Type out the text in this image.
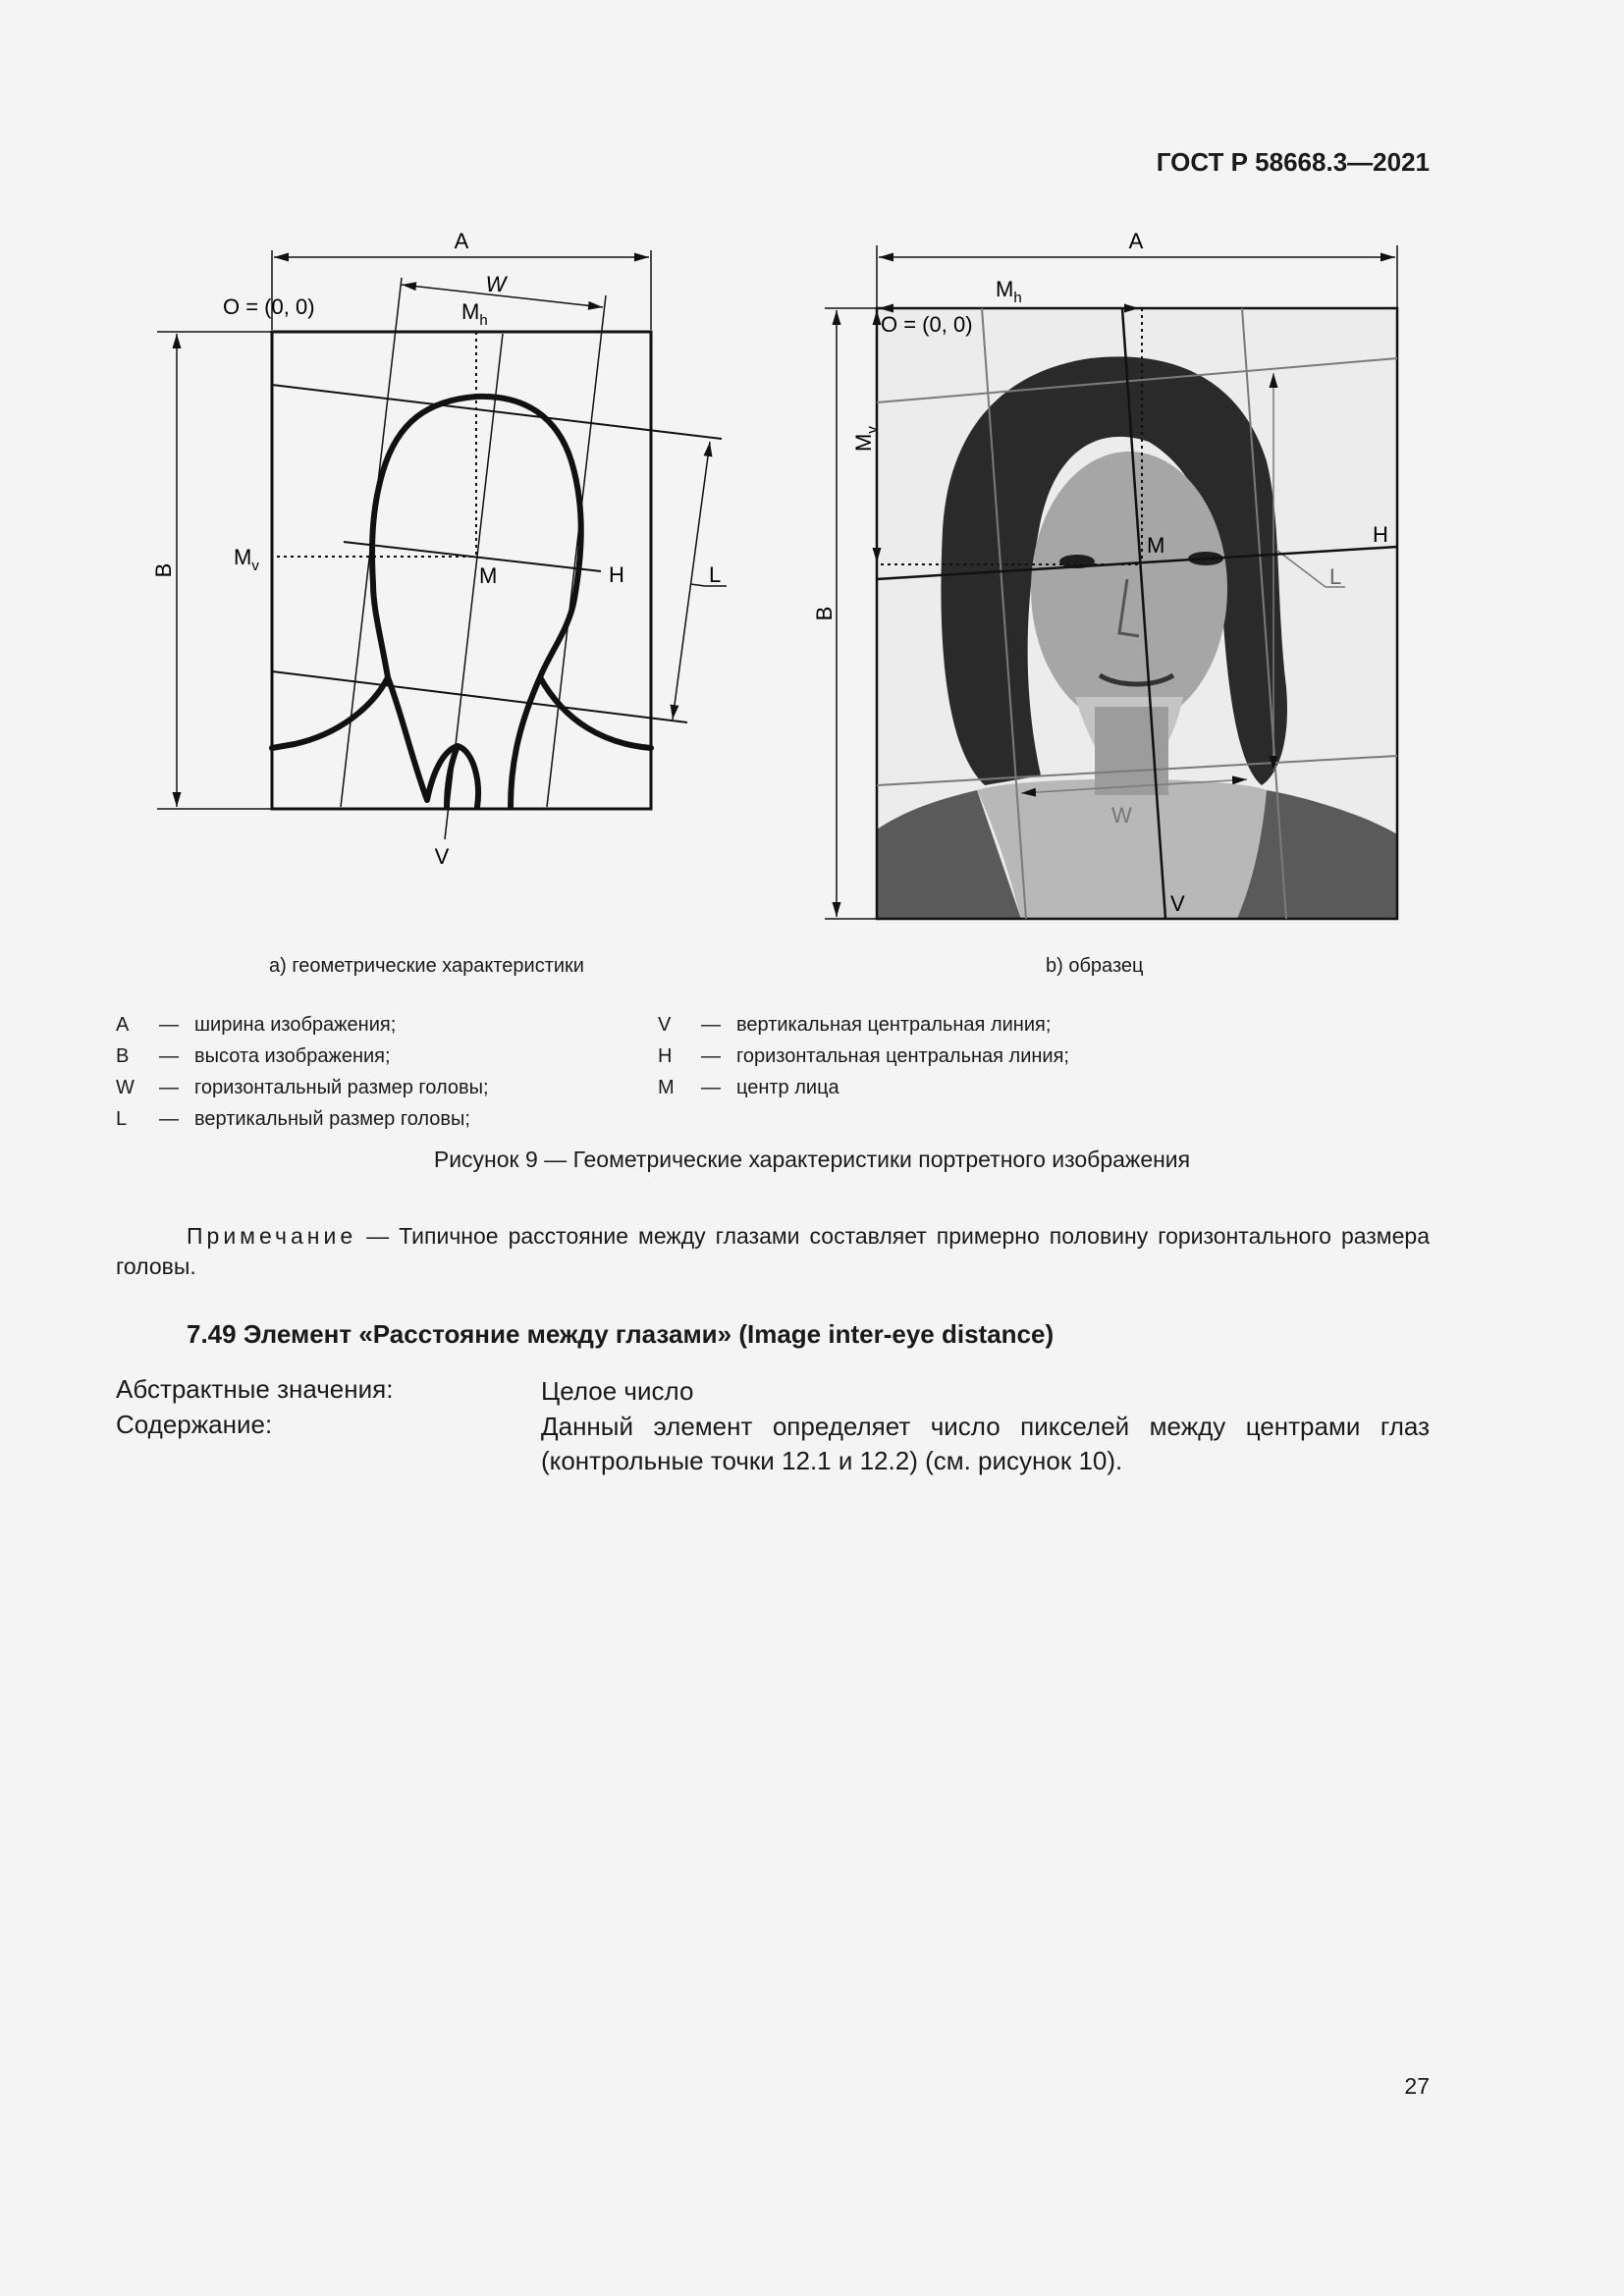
ГОСТ Р 58668.3—2021
A
B
O = (0, 0)
W
$M_h$
V
L
H
$M_v$	M
а) геометрические характеристики
A
$M_h$
O = (0, 0)
B
$M_v$
L
W
H
V
M
b) образец
A — ширина изображения;
B — высота изображения;
W — горизонтальный размер головы;
L — вертикальный размер головы;
V — вертикальная центральная линия;
H — горизонтальная центральная линия;
M — центр лица
Рисунок 9 — Геометрические характеристики портретного изображения
Примечание — Типичное расстояние между глазами составляет примерно половину горизонтального размера головы.
7.49 Элемент «Расстояние между глазами» (Image inter-eye distance)
Абстрактные значения:	Целое число
Содержание:	Данный элемент определяет число пикселей между центрами глаз (контрольные точки 12.1 и 12.2) (см. рисунок 10).
27
